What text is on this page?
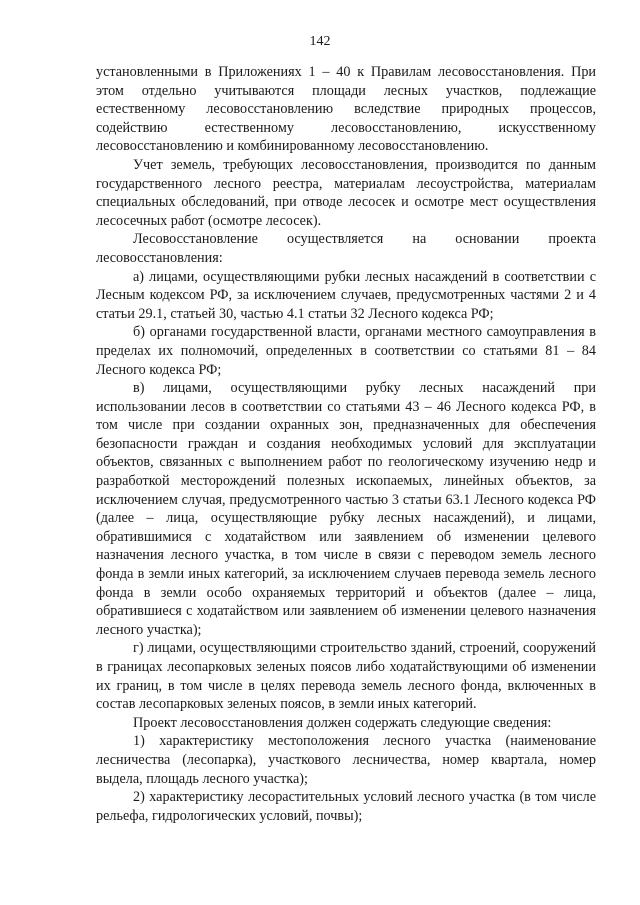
142

установленными в Приложениях 1 – 40 к Правилам лесовосстановления. При этом отдельно учитываются площади лесных участков, подлежащие естественному лесовосстановлению вследствие природных процессов, содействию естественному лесовосстановлению, искусственному лесовосстановлению и комбинированному лесовосстановлению.

Учет земель, требующих лесовосстановления, производится по данным государственного лесного реестра, материалам лесоустройства, материалам специальных обследований, при отводе лесосек и осмотре мест осуществления лесосечных работ (осмотре лесосек).

Лесовосстановление осуществляется на основании проекта лесовосстановления:

а) лицами, осуществляющими рубки лесных насаждений в соответствии с Лесным кодексом РФ, за исключением случаев, предусмотренных частями 2 и 4 статьи 29.1, статьей 30, частью 4.1 статьи 32 Лесного кодекса РФ;

б) органами государственной власти, органами местного самоуправления в пределах их полномочий, определенных в соответствии со статьями 81 – 84 Лесного кодекса РФ;

в) лицами, осуществляющими рубку лесных насаждений при использовании лесов в соответствии со статьями 43 – 46 Лесного кодекса РФ, в том числе при создании охранных зон, предназначенных для обеспечения безопасности граждан и создания необходимых условий для эксплуатации объектов, связанных с выполнением работ по геологическому изучению недр и разработкой месторождений полезных ископаемых, линейных объектов, за исключением случая, предусмотренного частью 3 статьи 63.1 Лесного кодекса РФ (далее – лица, осуществляющие рубку лесных насаждений), и лицами, обратившимися с ходатайством или заявлением об изменении целевого назначения лесного участка, в том числе в связи с переводом земель лесного фонда в земли иных категорий, за исключением случаев перевода земель лесного фонда в земли особо охраняемых территорий и объектов (далее – лица, обратившиеся с ходатайством или заявлением об изменении целевого назначения лесного участка);

г) лицами, осуществляющими строительство зданий, строений, сооружений в границах лесопарковых зеленых поясов либо ходатайствующими об изменении их границ, в том числе в целях перевода земель лесного фонда, включенных в состав лесопарковых зеленых поясов, в земли иных категорий.

Проект лесовосстановления должен содержать следующие сведения:

1) характеристику местоположения лесного участка (наименование лесничества (лесопарка), участкового лесничества, номер квартала, номер выдела, площадь лесного участка);

2) характеристику лесорастительных условий лесного участка (в том числе рельефа, гидрологических условий, почвы);
